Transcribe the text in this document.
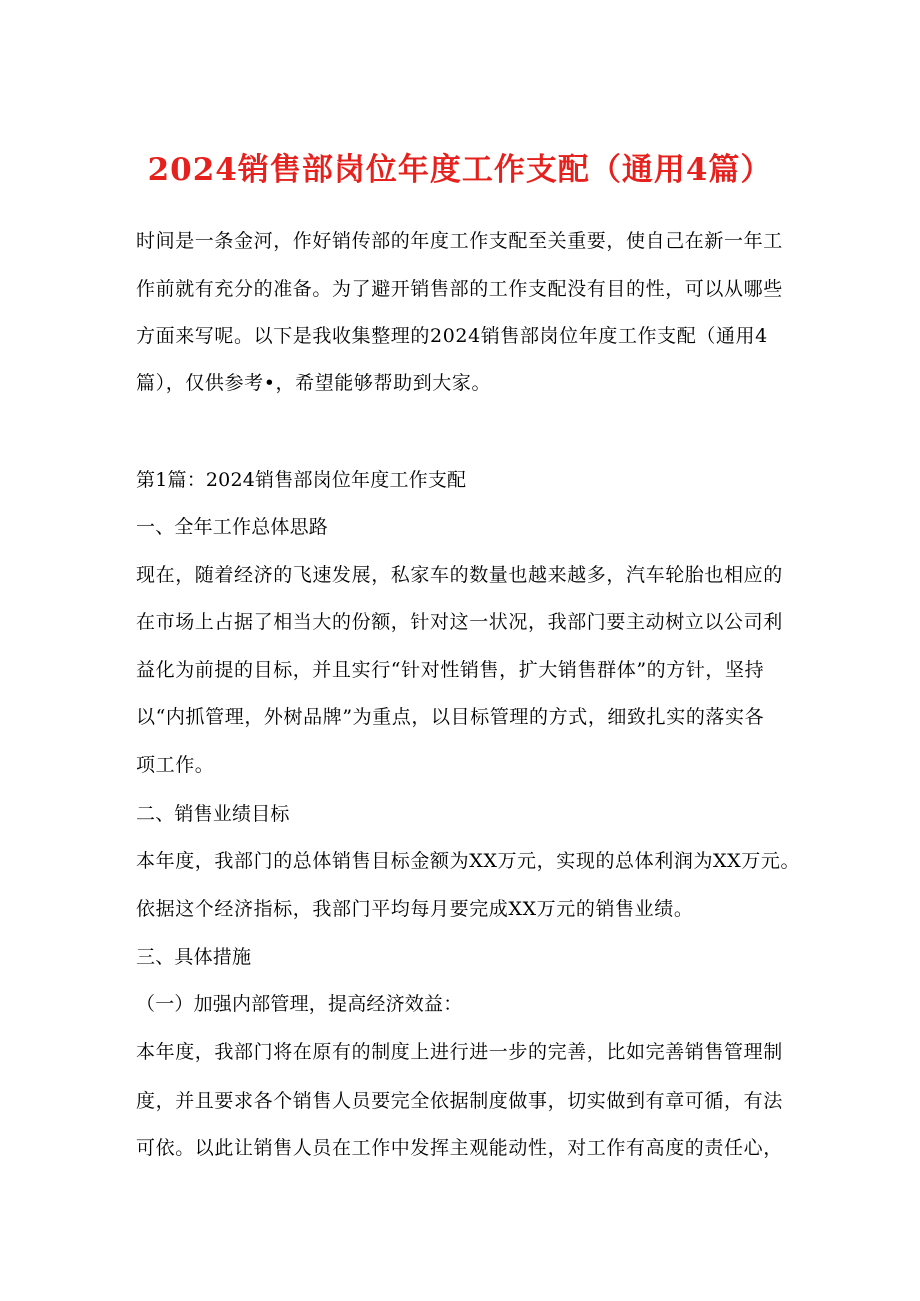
2024销售部岗位年度工作支配（通用4篇）
时间是一条金河，作好销传部的年度工作支配至关重要，使自己在新一年工
作前就有充分的准备。为了避开销售部的工作支配没有目的性，可以从哪些
方面来写呢。以下是我收集整理的2024销售部岗位年度工作支配（通用4
篇），仅供参考•，希望能够帮助到大家。
第1篇：2024销售部岗位年度工作支配
一、全年工作总体思路
现在，随着经济的飞速发展，私家车的数量也越来越多，汽车轮胎也相应的
在市场上占据了相当大的份额，针对这一状况，我部门要主动树立以公司利
益化为前提的目标，并且实行“针对性销售，扩大销售群体”的方针，坚持
以“内抓管理，外树品牌”为重点，以目标管理的方式，细致扎实的落实各
项工作。
二、销售业绩目标
本年度，我部门的总体销售目标金额为XX万元，实现的总体利润为XX万元。
依据这个经济指标，我部门平均每月要完成XX万元的销售业绩。
三、具体措施
（一）加强内部管理，提高经济效益：
本年度，我部门将在原有的制度上进行进一步的完善，比如完善销售管理制
度，并且要求各个销售人员要完全依据制度做事，切实做到有章可循，有法
可依。以此让销售人员在工作中发挥主观能动性，对工作有高度的责任心，
